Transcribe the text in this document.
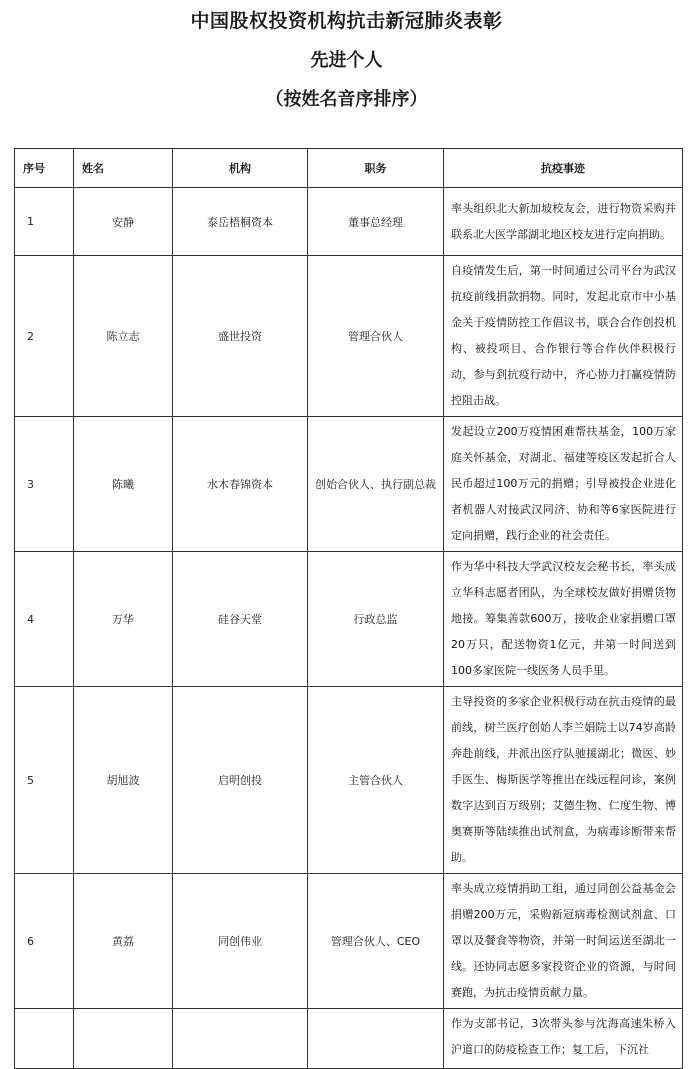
中国股权投资机构抗击新冠肺炎表彰
先进个人
（按姓名音序排序）
序号	姓名	机构	职务	抗疫事迹
1	安静	泰岳梧桐资本	董事总经理	率头组织北大新加坡校友会，进行物资采购并联系北大医学部湖北地区校友进行定向捐助。
2	陈立志	盛世投资	管理合伙人	自疫情发生后，第一时间通过公司平台为武汉抗疫前线捐款捐物。同时，发起北京市中小基金关于疫情防控工作倡议书，联合合作创投机构、被投项目、合作银行等合作伙伴积极行动，参与到抗疫行动中，齐心协力打赢疫情防控阻击战。
3	陈曦	水木春锦资本	创始合伙人、执行副总裁	发起设立200万疫情困难帮扶基金，100万家庭关怀基金，对湖北、福建等疫区发起折合人民币超过100万元的捐赠；引导被投企业进化者机器人对接武汉同济、协和等6家医院进行定向捐赠，践行企业的社会责任。
4	万华	硅谷天堂	行政总监	作为华中科技大学武汉校友会秘书长，率头成立华科志愿者团队，为全球校友做好捐赠货物地接。筹集善款600万，接收企业家捐赠口罩20万只，配送物资1亿元，并第一时间送到100多家医院一线医务人员手里。
5	胡旭波	启明创投	主管合伙人	主导投资的多家企业积极行动在抗击疫情的最前线，树兰医疗创始人李兰娟院士以74岁高龄奔赴前线，并派出医疗队驰援湖北；微医、妙手医生、梅斯医学等推出在线远程问诊，案例数字达到百万级别；艾德生物、仁度生物、博奥赛斯等陆续推出试剂盒，为病毒诊断带来帮助。
6	黄荔	同创伟业	管理合伙人、CEO	率头成立疫情捐助工组，通过同创公益基金会捐赠200万元，采购新冠病毒检测试剂盒、口罩以及餐食等物资，并第一时间运送至湖北一线。还协同志愿多家投资企业的资源，与时间赛跑，为抗击疫情贡献力量。
				作为支部书记，3次带头参与沈海高速朱桥入沪道口的防疫检查工作；复工后，下沉社
